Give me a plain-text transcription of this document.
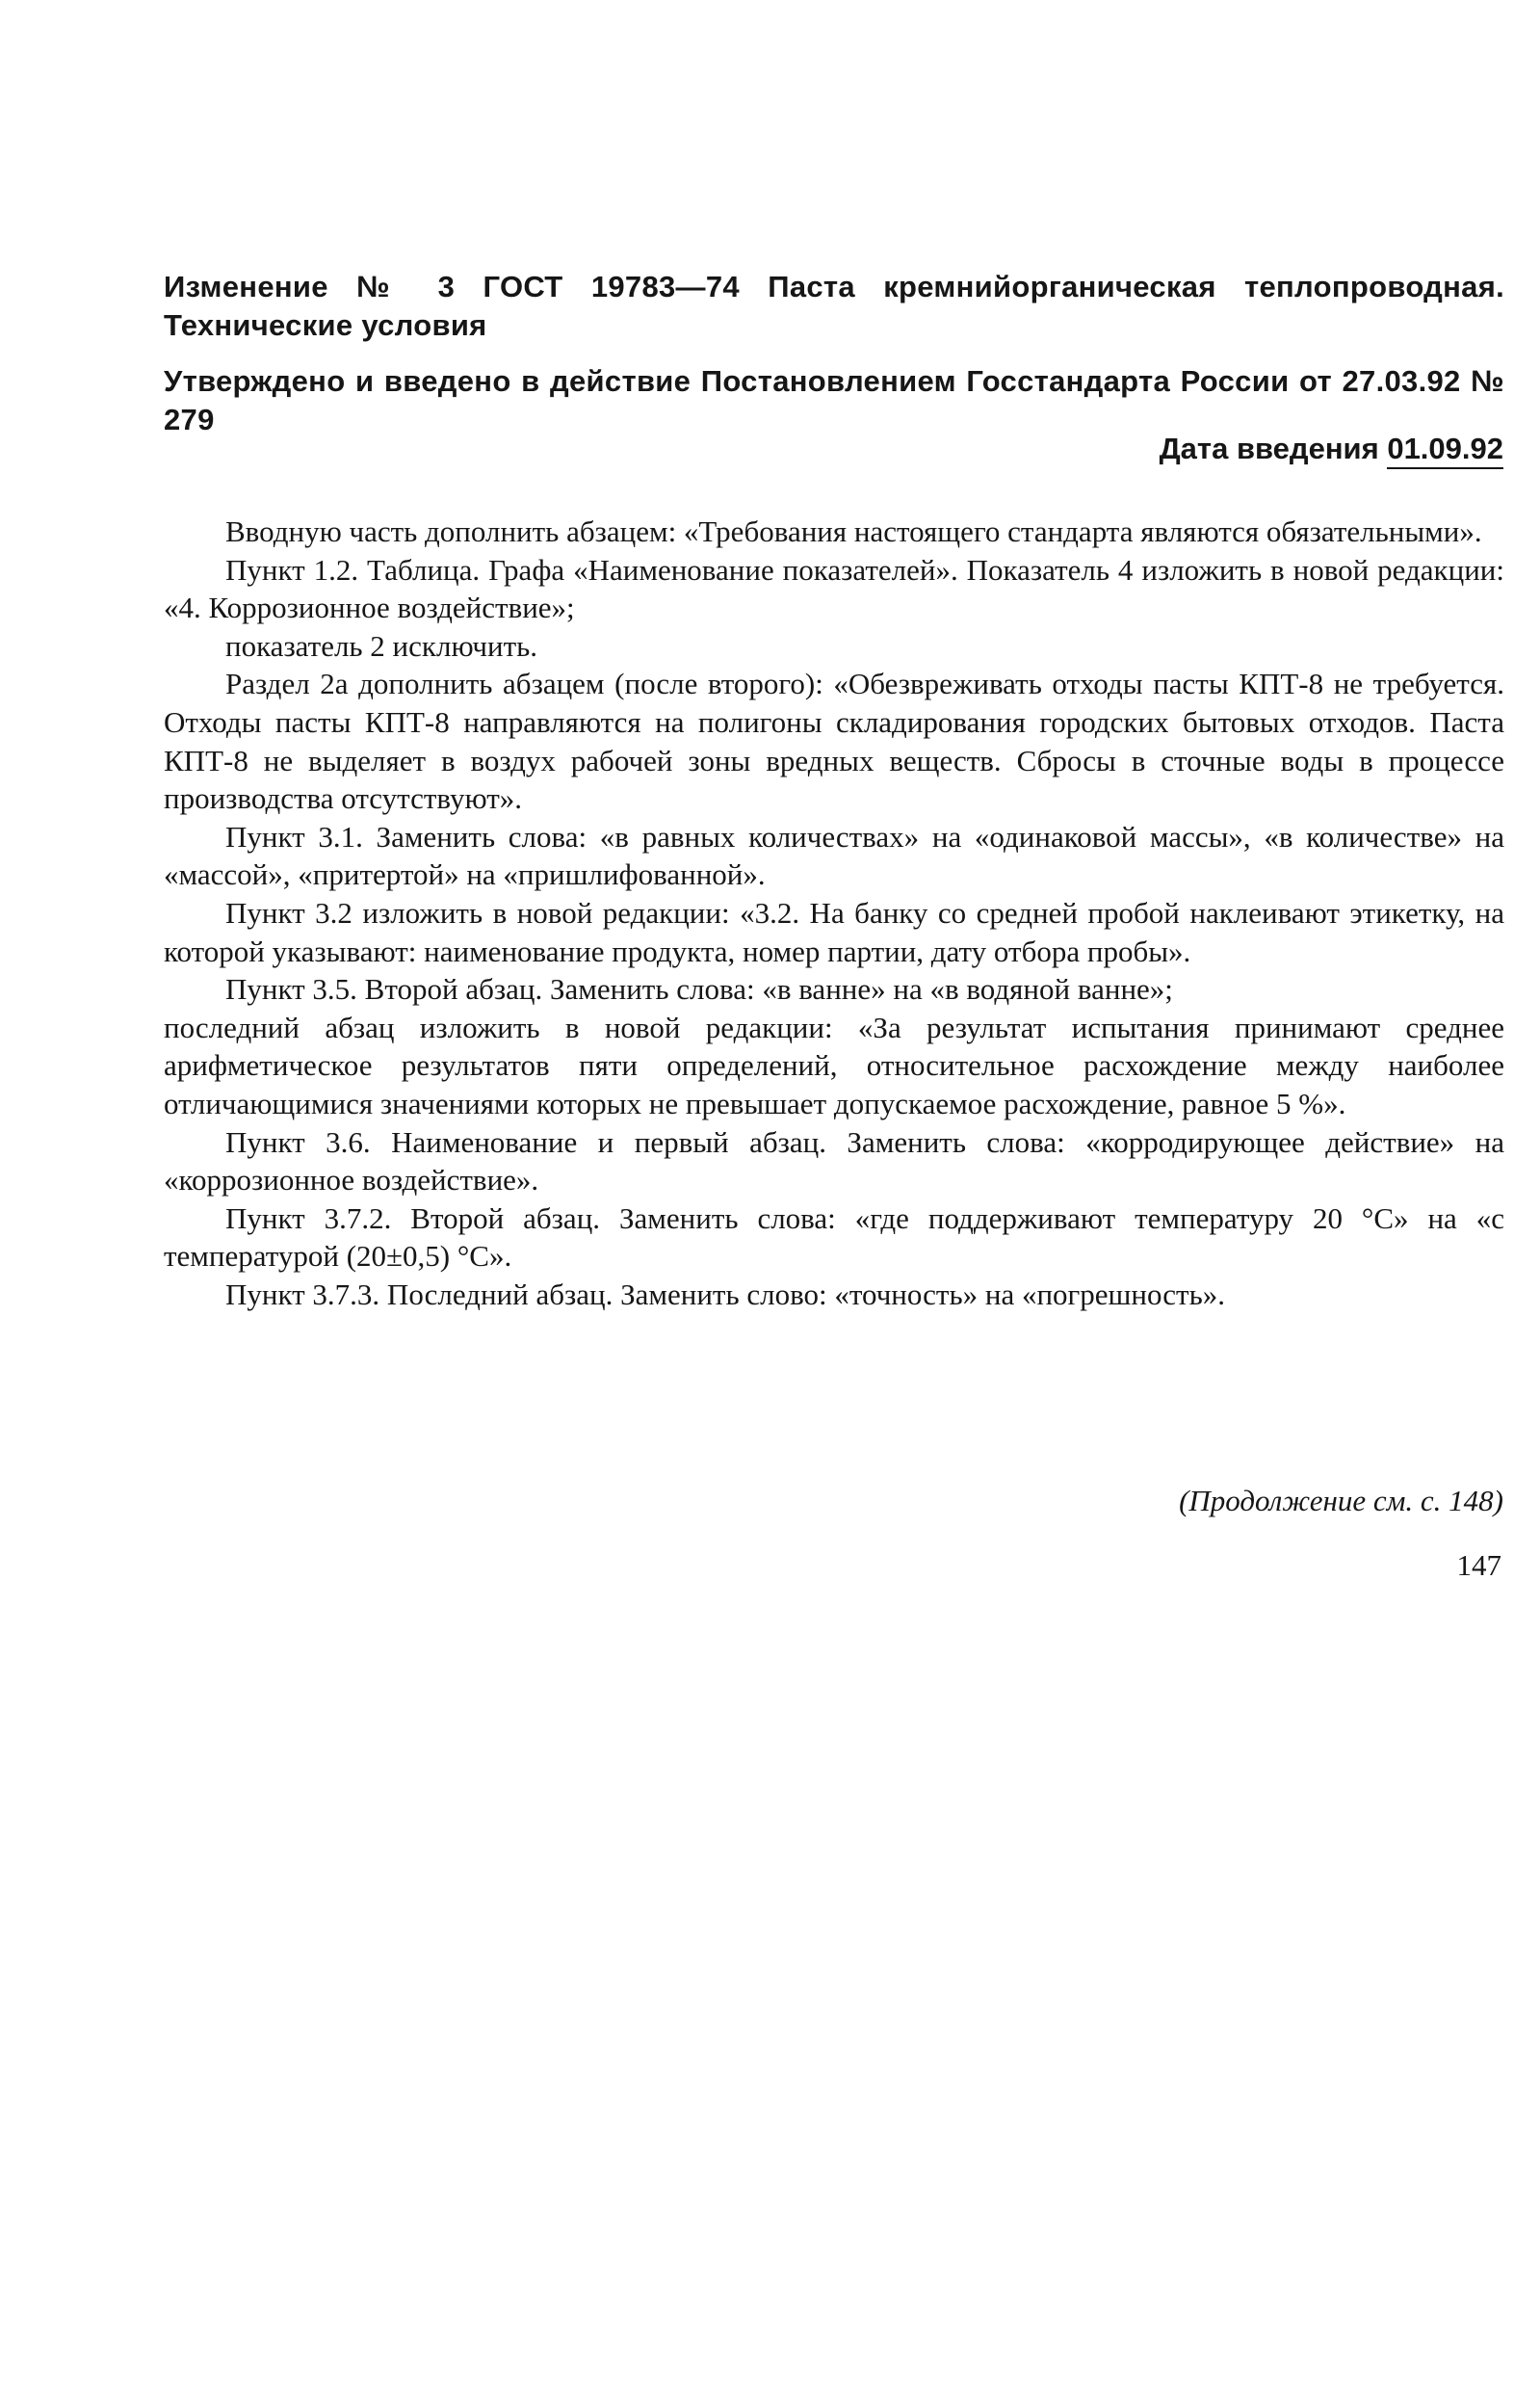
Изменение № 3 ГОСТ 19783—74 Паста кремнийорганическая теплопроводная. Технические условия
Утверждено и введено в действие Постановлением Госстандарта России от 27.03.92 № 279
Дата введения 01.09.92

Вводную часть дополнить абзацем: «Требования настоящего стандарта являются обязательными».

Пункт 1.2. Таблица. Графа «Наименование показателей». Показатель 4 изложить в новой редакции: «4. Коррозионное воздействие»;

показатель 2 исключить.

Раздел 2а дополнить абзацем (после второго): «Обезвреживать отходы пасты КПТ-8 не требуется. Отходы пасты КПТ-8 направляются на полигоны складирования городских бытовых отходов. Паста КПТ-8 не выделяет в воздух рабочей зоны вредных веществ. Сбросы в сточные воды в процессе производства отсутствуют».

Пункт 3.1. Заменить слова: «в равных количествах» на «одинаковой массы», «в количестве» на «массой», «притертой» на «пришлифованной».

Пункт 3.2 изложить в новой редакции: «3.2. На банку со средней пробой наклеивают этикетку, на которой указывают: наименование продукта, номер партии, дату отбора пробы».

Пункт 3.5. Второй абзац. Заменить слова: «в ванне» на «в водяной ванне»;

последний абзац изложить в новой редакции: «За результат испытания принимают среднее арифметическое результатов пяти определений, относительное расхождение между наиболее отличающимися значениями которых не превышает допускаемое расхождение, равное 5 %».

Пункт 3.6. Наименование и первый абзац. Заменить слова: «корродирующее действие» на «коррозионное воздействие».

Пункт 3.7.2. Второй абзац. Заменить слова: «где поддерживают температуру 20 °С» на «с температурой (20±0,5) °С».

Пункт 3.7.3. Последний абзац. Заменить слово: «точность» на «погрешность».

(Продолжение см. с. 148)
147
